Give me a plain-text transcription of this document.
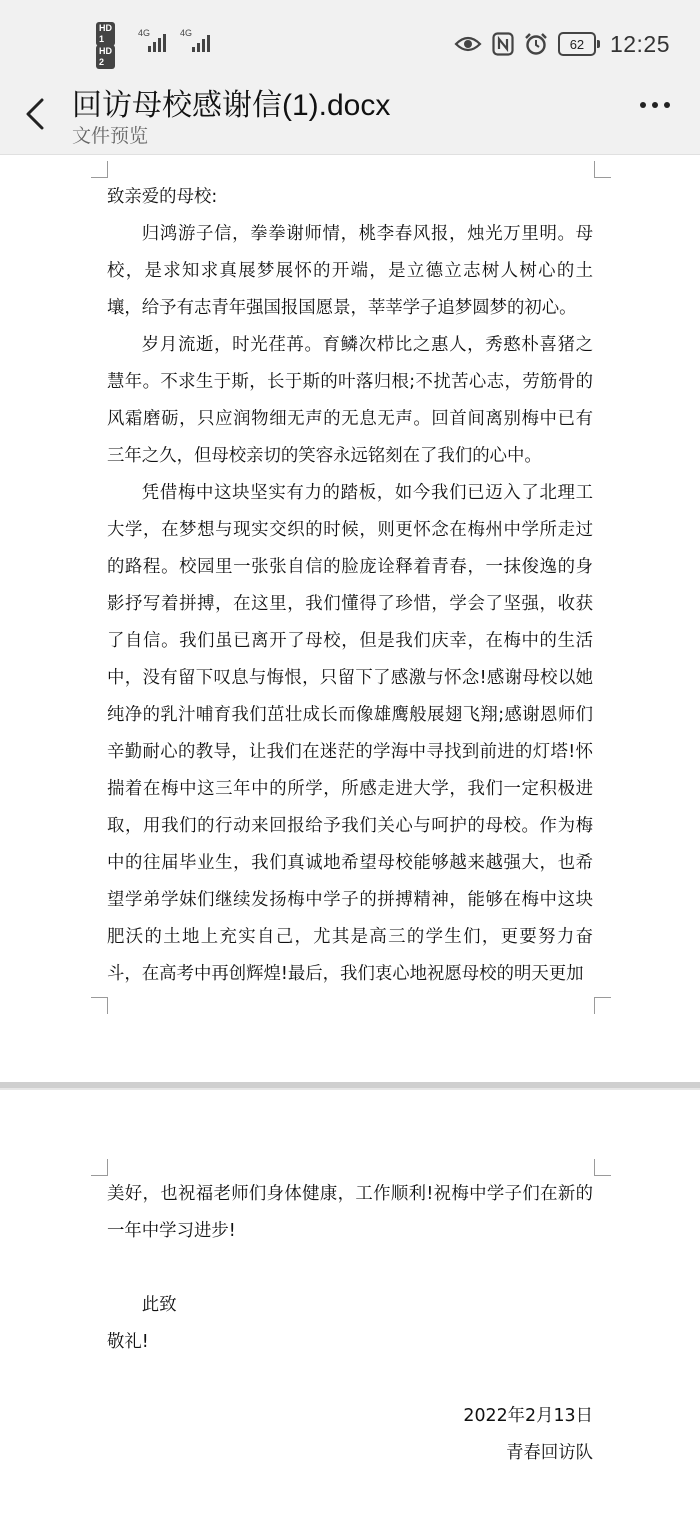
HD 1
HD 2
4G	4G
62 12:25
回访母校感谢信(1).docx
文件预览

致亲爱的母校:

归鸿游子信，拳拳谢师情，桃李春风报，烛光万里明。母校，是求知求真展梦展怀的开端，是立德立志树人树心的土壤，给予有志青年强国报国愿景，莘莘学子追梦圆梦的初心。

岁月流逝，时光荏苒。育鳞次栉比之惠人，秀憨朴喜猪之慧年。不求生于斯，长于斯的叶落归根;不扰苦心志，劳筋骨的风霜磨砺，只应润物细无声的无息无声。回首间离别梅中已有三年之久，但母校亲切的笑容永远铭刻在了我们的心中。

凭借梅中这块坚实有力的踏板，如今我们已迈入了北理工大学，在梦想与现实交织的时候，则更怀念在梅州中学所走过的路程。校园里一张张自信的脸庞诠释着青春，一抹俊逸的身影抒写着拼搏，在这里，我们懂得了珍惜，学会了坚强，收获了自信。我们虽已离开了母校，但是我们庆幸，在梅中的生活中，没有留下叹息与悔恨，只留下了感激与怀念!感谢母校以她纯净的乳汁哺育我们茁壮成长而像雄鹰般展翅飞翔;感谢恩师们辛勤耐心的教导，让我们在迷茫的学海中寻找到前进的灯塔!怀揣着在梅中这三年中的所学，所感走进大学，我们一定积极进取，用我们的行动来回报给予我们关心与呵护的母校。作为梅中的往届毕业生，我们真诚地希望母校能够越来越强大，也希望学弟学妹们继续发扬梅中学子的拼搏精神，能够在梅中这块肥沃的土地上充实自己，尤其是高三的学生们，更要努力奋斗，在高考中再创辉煌!最后，我们衷心地祝愿母校的明天更加

美好，也祝福老师们身体健康，工作顺利!祝梅中学子们在新的一年中学习进步!

此致

敬礼!

2022年2月13日

青春回访队
